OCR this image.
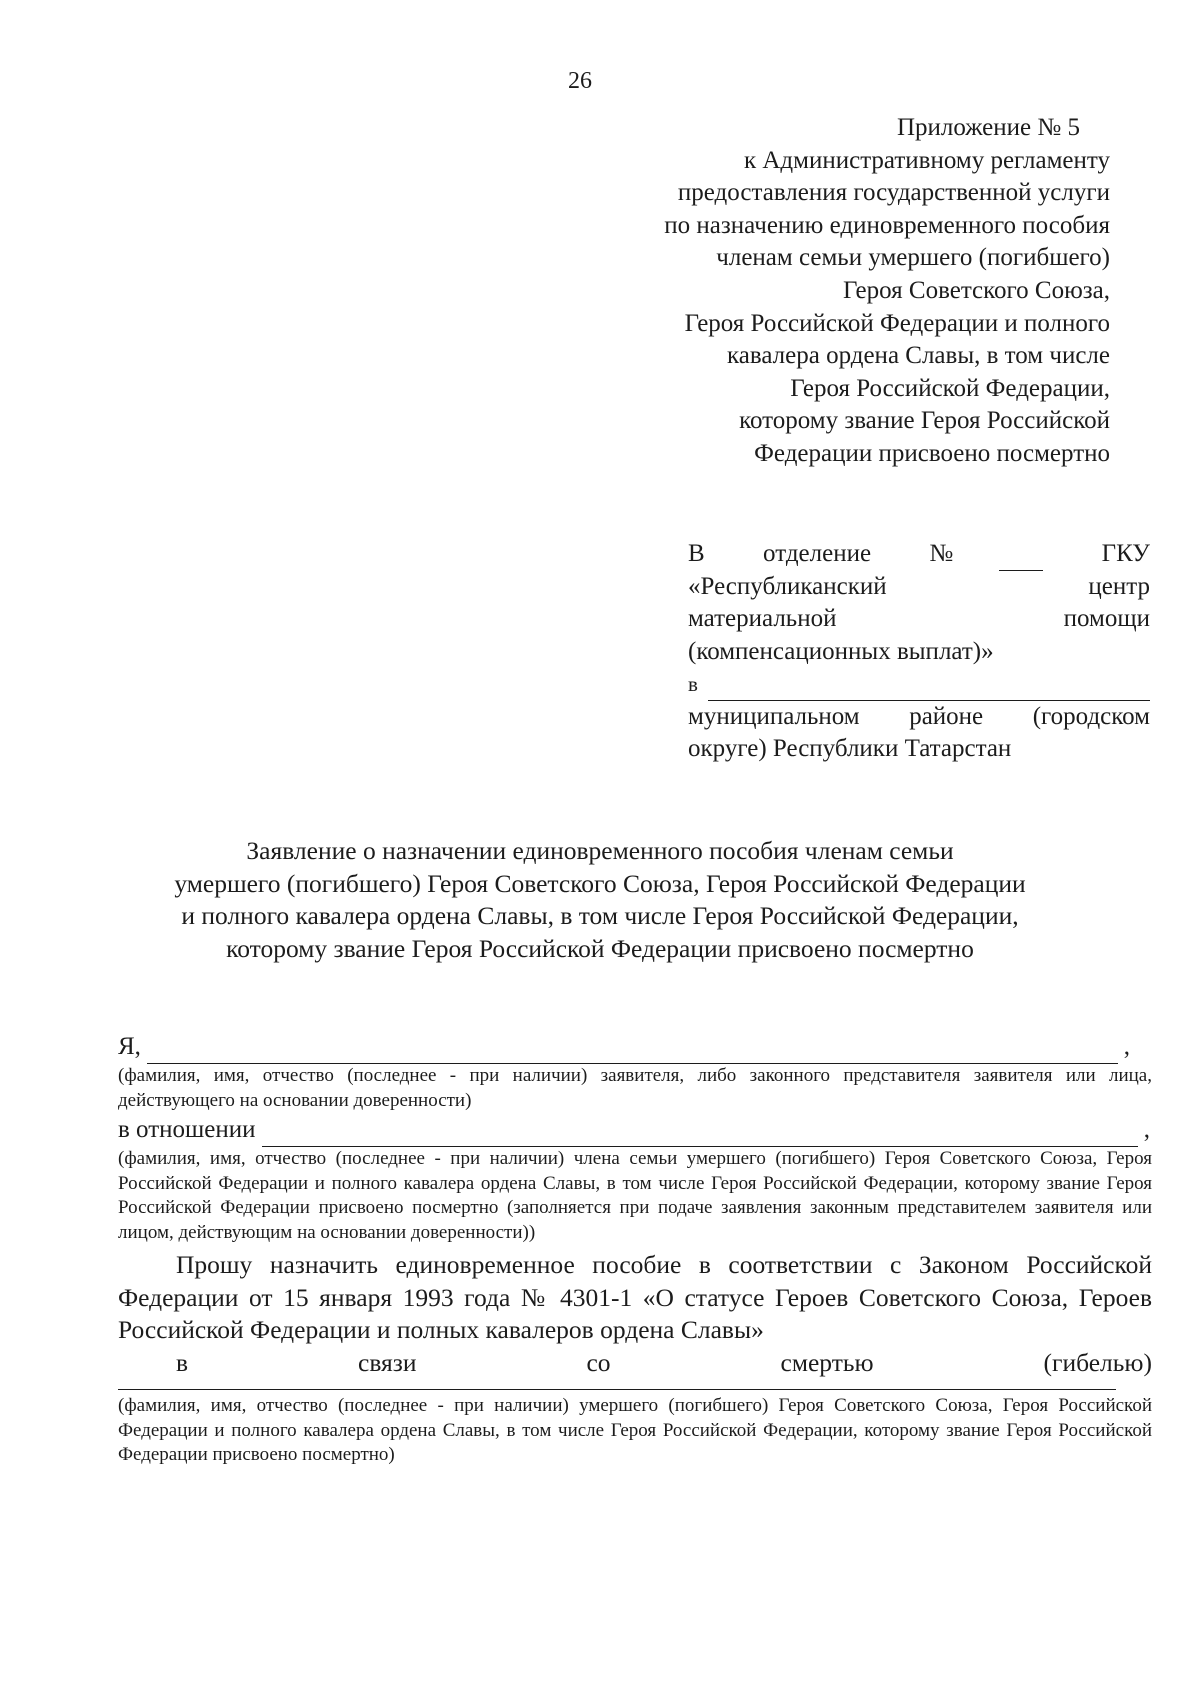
26
Приложение № 5
к Административному регламенту
предоставления государственной услуги
по назначению единовременного пособия
членам семьи умершего (погибшего)
Героя Советского Союза,
Героя Российской Федерации и полного
кавалера ордена Славы, в том числе
Героя Российской Федерации,
которому звание Героя Российской
Федерации присвоено посмертно
В отделение №	ГКУ
«Республиканский	центр
материальной	помощи
(компенсационных выплат)»
в
муниципальном районе (городском
округе) Республики Татарстан
Заявление о назначении единовременного пособия членам семьи
умершего (погибшего) Героя Советского Союза, Героя Российской Федерации
и полного кавалера ордена Славы, в том числе Героя Российской Федерации,
которому звание Героя Российской Федерации присвоено посмертно
Я,	,
(фамилия, имя, отчество (последнее - при наличии) заявителя, либо законного представителя заявителя или лица, действующего на основании доверенности)
в отношении	,
(фамилия, имя, отчество (последнее - при наличии) члена семьи умершего (погибшего) Героя Советского Союза, Героя Российской Федерации и полного кавалера ордена Славы, в том числе Героя Российской Федерации, которому звание Героя Российской Федерации присвоено посмертно (заполняется при подаче заявления законным представителем заявителя или лицом, действующим на основании доверенности))
Прошу назначить единовременное пособие в соответствии с Законом Российской Федерации от 15 января 1993 года № 4301-1 «О статусе Героев Советского Союза, Героев Российской Федерации и полных кавалеров ордена Славы»
в	связи	со	смертью	(гибелью)
(фамилия, имя, отчество (последнее - при наличии) умершего (погибшего) Героя Советского Союза, Героя Российской Федерации и полного кавалера ордена Славы, в том числе Героя Российской Федерации, которому звание Героя Российской Федерации присвоено посмертно)
